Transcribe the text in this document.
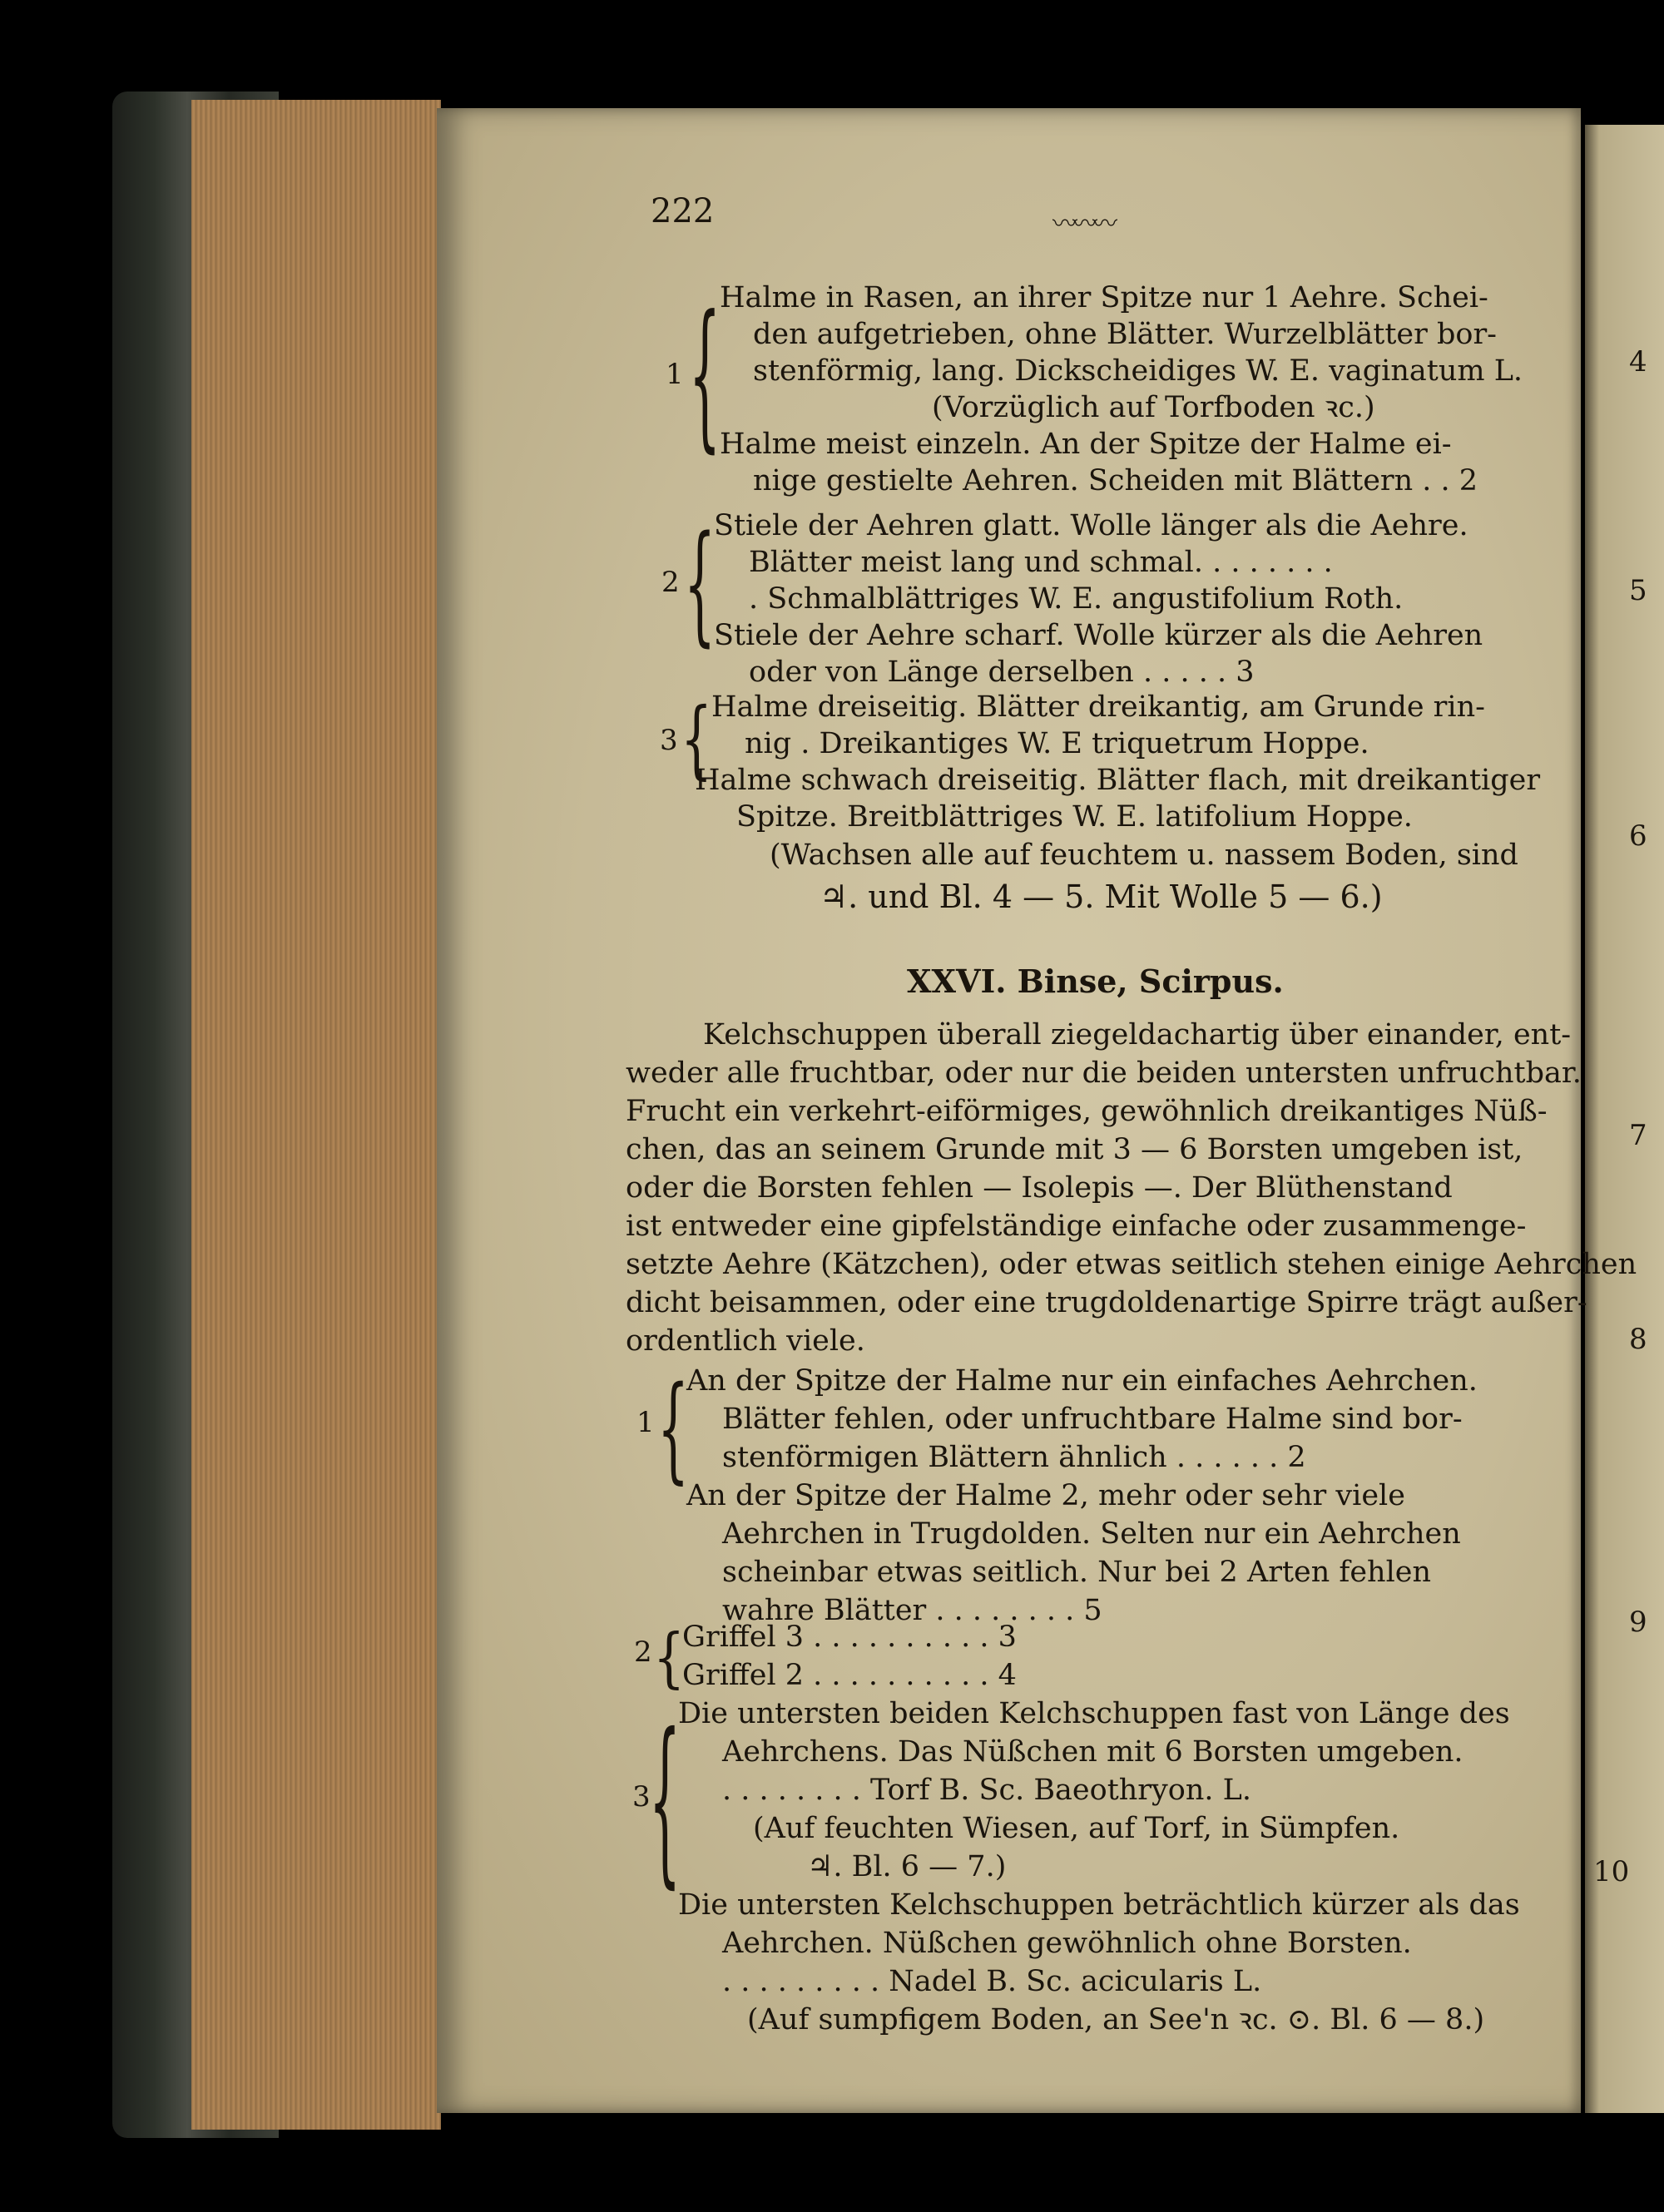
4
5
6
7
8
9
10
222	〰〰〰
1 {
Halme in Rasen, an ihrer Spitze nur 1 Aehre. Schei-
den aufgetrieben, ohne Blätter. Wurzelblätter bor-
stenförmig, lang. Dickscheidiges W. E. vaginatum L.
(Vorzüglich auf Torfboden ꝛc.)
Halme meist einzeln. An der Spitze der Halme ei-
nige gestielte Aehren. Scheiden mit Blättern . . 2
2 {
Stiele der Aehren glatt. Wolle länger als die Aehre.
Blätter meist lang und schmal. . . . . . . .
. Schmalblättriges W. E. angustifolium Roth.
Stiele der Aehre scharf. Wolle kürzer als die Aehren
oder von Länge derselben . . . . . 3
3 {
Halme dreiseitig. Blätter dreikantig, am Grunde rin-
nig . Dreikantiges W. E triquetrum Hoppe.
Halme schwach dreiseitig. Blätter flach, mit dreikantiger
Spitze. Breitblättriges W. E. latifolium Hoppe.
(Wachsen alle auf feuchtem u. nassem Boden, sind
♃. und Bl. 4 — 5. Mit Wolle 5 — 6.)
XXVI. Binse, Scirpus.
Kelchschuppen überall ziegeldachartig über einander, ent-
weder alle fruchtbar, oder nur die beiden untersten unfruchtbar.
Frucht ein verkehrt-eiförmiges, gewöhnlich dreikantiges Nüß-
chen, das an seinem Grunde mit 3 — 6 Borsten umgeben ist,
oder die Borsten fehlen — Isolepis —. Der Blüthenstand
ist entweder eine gipfelständige einfache oder zusammenge-
setzte Aehre (Kätzchen), oder etwas seitlich stehen einige Aehrchen
dicht beisammen, oder eine trugdoldenartige Spirre trägt außer-
ordentlich viele.
1 {
An der Spitze der Halme nur ein einfaches Aehrchen.
Blätter fehlen, oder unfruchtbare Halme sind bor-
stenförmigen Blättern ähnlich . . . . . . 2
An der Spitze der Halme 2, mehr oder sehr viele
Aehrchen in Trugdolden. Selten nur ein Aehrchen
scheinbar etwas seitlich. Nur bei 2 Arten fehlen
wahre Blätter . . . . . . . . 5
2 {
Griffel 3 . . . . . . . . . . 3
Griffel 2 . . . . . . . . . . 4
3
{
Die untersten beiden Kelchschuppen fast von Länge des
Aehrchens. Das Nüßchen mit 6 Borsten umgeben.
. . . . . . . . Torf B. Sc. Baeothryon. L.
(Auf feuchten Wiesen, auf Torf, in Sümpfen.
♃. Bl. 6 — 7.)
Die untersten Kelchschuppen beträchtlich kürzer als das
Aehrchen. Nüßchen gewöhnlich ohne Borsten.
. . . . . . . . . Nadel B. Sc. acicularis L.
(Auf sumpfigem Boden, an See'n ꝛc. ⊙. Bl. 6 — 8.)
